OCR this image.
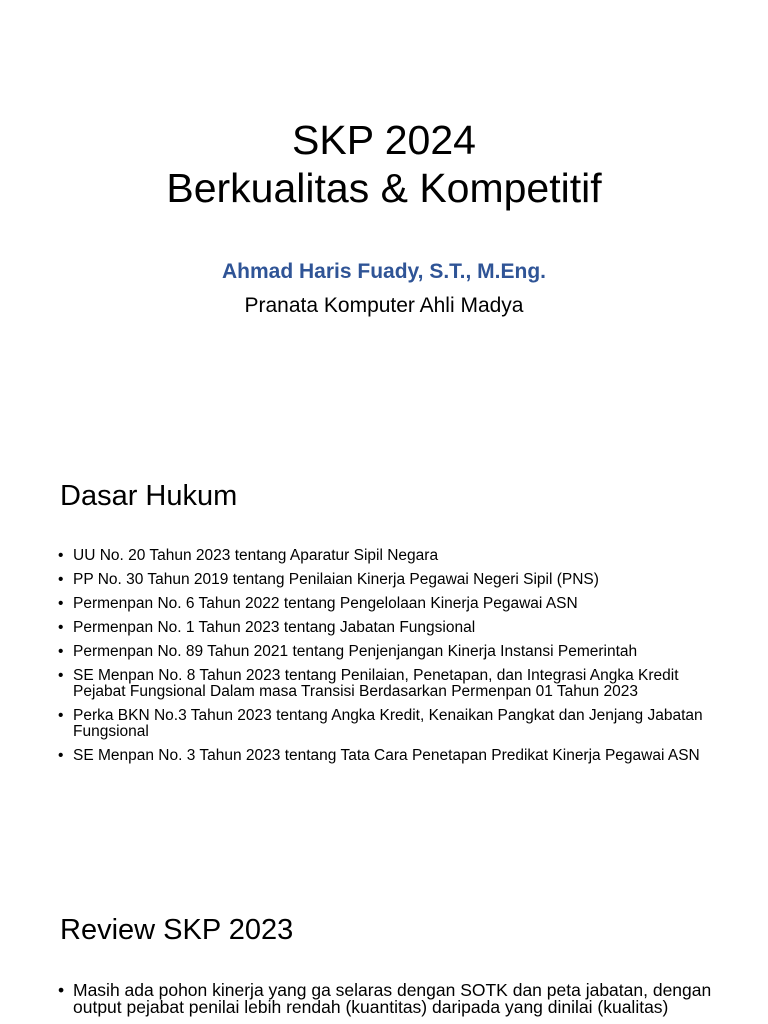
SKP 2024
Berkualitas & Kompetitif

Ahmad Haris Fuady, S.T., M.Eng.

Pranata Komputer Ahli Madya

Dasar Hukum
• UU No. 20 Tahun 2023 tentang Aparatur Sipil Negara
• PP No. 30 Tahun 2019 tentang Penilaian Kinerja Pegawai Negeri Sipil (PNS)
• Permenpan No. 6 Tahun 2022 tentang Pengelolaan Kinerja Pegawai ASN
• Permenpan No. 1 Tahun 2023 tentang Jabatan Fungsional
• Permenpan No. 89 Tahun 2021 tentang Penjenjangan Kinerja Instansi Pemerintah
• SE Menpan No. 8 Tahun 2023 tentang Penilaian, Penetapan, dan Integrasi Angka Kredit Pejabat Fungsional Dalam masa Transisi Berdasarkan Permenpan 01 Tahun 2023
• Perka BKN No.3 Tahun 2023 tentang Angka Kredit, Kenaikan Pangkat dan Jenjang Jabatan Fungsional
• SE Menpan No. 3 Tahun 2023 tentang Tata Cara Penetapan Predikat Kinerja Pegawai ASN
Review SKP 2023
• Masih ada pohon kinerja yang ga selaras dengan SOTK dan peta jabatan, dengan output pejabat penilai lebih rendah (kuantitas) daripada yang dinilai (kualitas)
